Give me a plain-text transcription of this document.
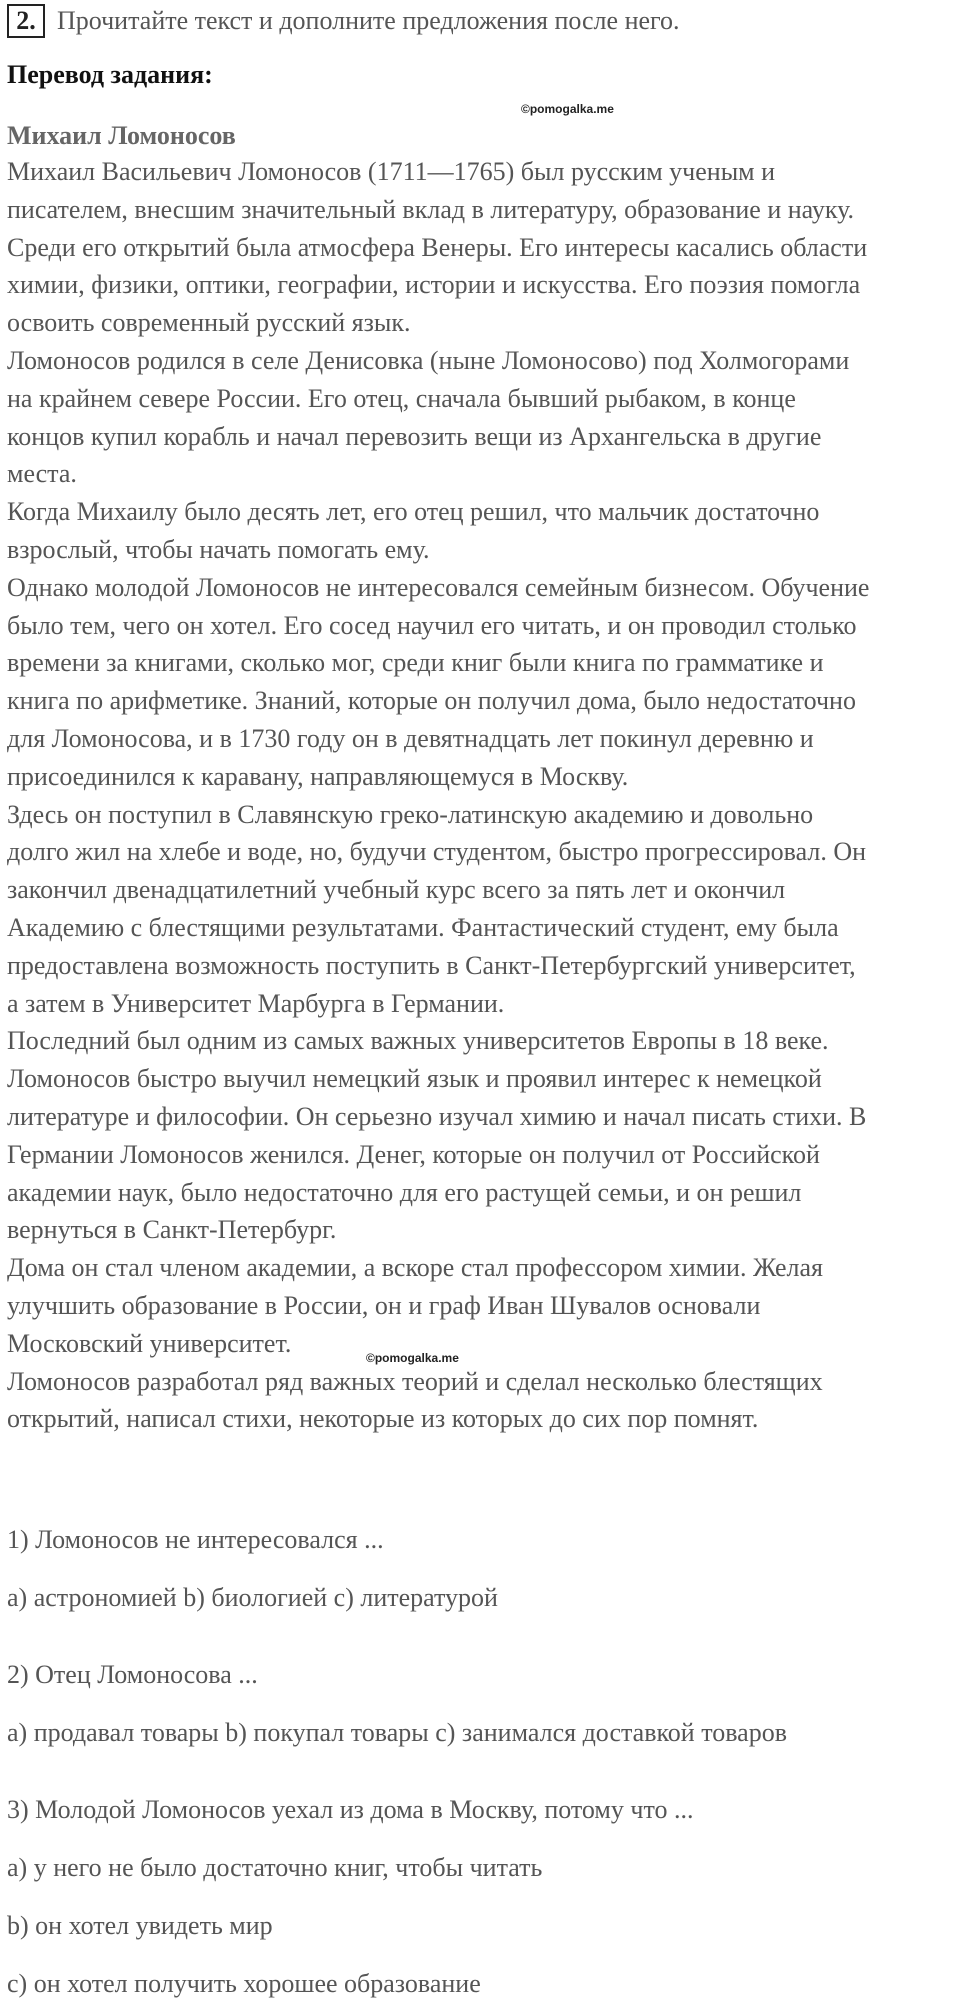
2. Прочитайте текст и дополните предложения после него.
Перевод задания:
©pomogalka.me
Михаил Ломоносов

Михаил Васильевич Ломоносов (1711—1765) был русским ученым и
писателем, внесшим значительный вклад в литературу, образование и науку.
Среди его открытий была атмосфера Венеры. Его интересы касались области
химии, физики, оптики, географии, истории и искусства. Его поэзия помогла
освоить современный русский язык.

Ломоносов родился в селе Денисовка (ныне Ломоносово) под Холмогорами
на крайнем севере России. Его отец, сначала бывший рыбаком, в конце
концов купил корабль и начал перевозить вещи из Архангельска в другие
места.

Когда Михаилу было десять лет, его отец решил, что мальчик достаточно
взрослый, чтобы начать помогать ему.

Однако молодой Ломоносов не интересовался семейным бизнесом. Обучение
было тем, чего он хотел. Его сосед научил его читать, и он проводил столько
времени за книгами, сколько мог, среди книг были книга по грамматике и
книга по арифметике. Знаний, которые он получил дома, было недостаточно
для Ломоносова, и в 1730 году он в девятнадцать лет покинул деревню и
присоединился к каравану, направляющемуся в Москву.

Здесь он поступил в Славянскую греко-латинскую академию и довольно
долго жил на хлебе и воде, но, будучи студентом, быстро прогрессировал. Он
закончил двенадцатилетний учебный курс всего за пять лет и окончил
Академию с блестящими результатами. Фантастический студент, ему была
предоставлена возможность поступить в Санкт-Петербургский университет,
а затем в Университет Марбурга в Германии.

Последний был одним из самых важных университетов Европы в 18 веке.
Ломоносов быстро выучил немецкий язык и проявил интерес к немецкой
литературе и философии. Он серьезно изучал химию и начал писать стихи. В
Германии Ломоносов женился. Денег, которые он получил от Российской
академии наук, было недостаточно для его растущей семьи, и он решил
вернуться в Санкт-Петербург.

Дома он стал членом академии, а вскоре стал профессором химии. Желая
улучшить образование в России, он и граф Иван Шувалов основали
Московский университет.

Ломоносов разработал ряд важных теорий и сделал несколько блестящих
открытий, написал стихи, некоторые из которых до сих пор помнят.

©pomogalka.me
1) Ломоносов не интересовался ...
a) астрономией b) биологией c) литературой
2) Отец Ломоносова ...
a) продавал товары b) покупал товары c) занимался доставкой товаров
3) Молодой Ломоносов уехал из дома в Москву, потому что ...
a) у него не было достаточно книг, чтобы читать
b) он хотел увидеть мир
c) он хотел получить хорошее образование
